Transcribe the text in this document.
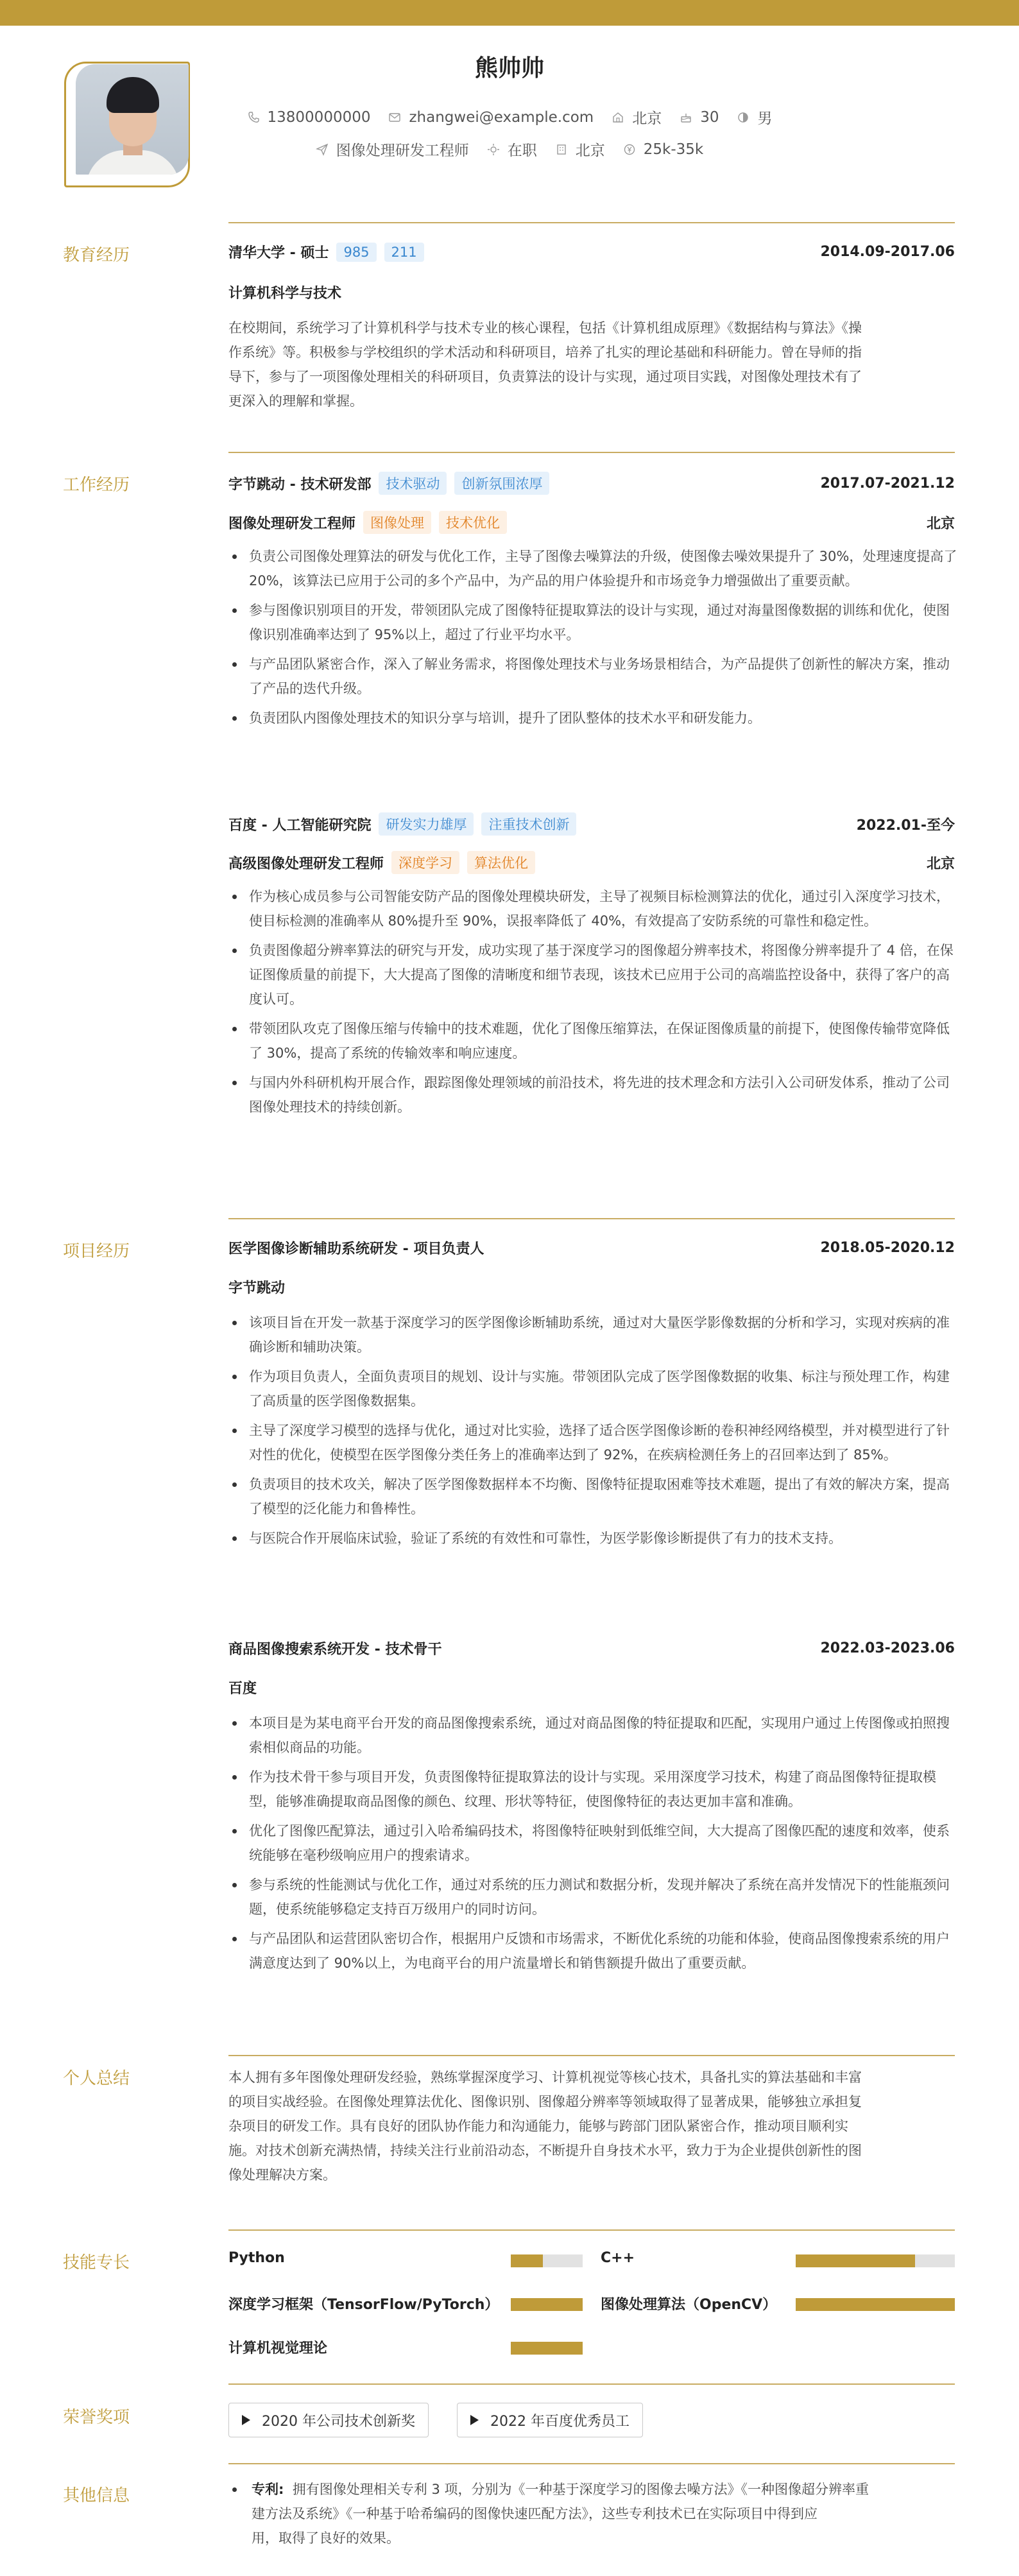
熊帅帅
13800000000	zhangwei@example.com	北京	30	男
图像处理研发工程师	在职	北京	25k-35k
教育经历	清华大学 - 硕士	985	211	2014.09-2017.06
计算机科学与技术
在校期间，系统学习了计算机科学与技术专业的核心课程，包括《计算机组成原理》《数据结构与算法》《操
作系统》等。积极参与学校组织的学术活动和科研项目，培养了扎实的理论基础和科研能力。曾在导师的指
导下，参与了一项图像处理相关的科研项目，负责算法的设计与实现，通过项目实践，对图像处理技术有了
更深入的理解和掌握。
工作经历	字节跳动 - 技术研发部	技术驱动	创新氛围浓厚	2017.07-2021.12
图像处理研发工程师	图像处理	技术优化	北京
负责公司图像处理算法的研发与优化工作，主导了图像去噪算法的升级，使图像去噪效果提升了 30%，处理速度提高了 20%，该算法已应用于公司的多个产品中，为产品的用户体验提升和市场竞争力增强做出了重要贡献。
参与图像识别项目的开发，带领团队完成了图像特征提取算法的设计与实现，通过对海量图像数据的训练和优化，使图像识别准确率达到了 95%以上，超过了行业平均水平。
与产品团队紧密合作，深入了解业务需求，将图像处理技术与业务场景相结合，为产品提供了创新性的解决方案，推动了产品的迭代升级。
负责团队内图像处理技术的知识分享与培训，提升了团队整体的技术水平和研发能力。
百度 - 人工智能研究院	研发实力雄厚	注重技术创新	2022.01-至今
高级图像处理研发工程师	深度学习	算法优化	北京
作为核心成员参与公司智能安防产品的图像处理模块研发，主导了视频目标检测算法的优化，通过引入深度学习技术，使目标检测的准确率从 80%提升至 90%，误报率降低了 40%，有效提高了安防系统的可靠性和稳定性。
负责图像超分辨率算法的研究与开发，成功实现了基于深度学习的图像超分辨率技术，将图像分辨率提升了 4 倍，在保证图像质量的前提下，大大提高了图像的清晰度和细节表现，该技术已应用于公司的高端监控设备中，获得了客户的高度认可。
带领团队攻克了图像压缩与传输中的技术难题，优化了图像压缩算法，在保证图像质量的前提下，使图像传输带宽降低了 30%，提高了系统的传输效率和响应速度。
与国内外科研机构开展合作，跟踪图像处理领域的前沿技术，将先进的技术理念和方法引入公司研发体系，推动了公司图像处理技术的持续创新。
项目经历	医学图像诊断辅助系统研发 - 项目负责人	2018.05-2020.12
字节跳动
该项目旨在开发一款基于深度学习的医学图像诊断辅助系统，通过对大量医学影像数据的分析和学习，实现对疾病的准确诊断和辅助决策。
作为项目负责人，全面负责项目的规划、设计与实施。带领团队完成了医学图像数据的收集、标注与预处理工作，构建了高质量的医学图像数据集。
主导了深度学习模型的选择与优化，通过对比实验，选择了适合医学图像诊断的卷积神经网络模型，并对模型进行了针对性的优化，使模型在医学图像分类任务上的准确率达到了 92%，在疾病检测任务上的召回率达到了 85%。
负责项目的技术攻关，解决了医学图像数据样本不均衡、图像特征提取困难等技术难题，提出了有效的解决方案，提高了模型的泛化能力和鲁棒性。
与医院合作开展临床试验，验证了系统的有效性和可靠性，为医学影像诊断提供了有力的技术支持。
商品图像搜索系统开发 - 技术骨干	2022.03-2023.06
百度
本项目是为某电商平台开发的商品图像搜索系统，通过对商品图像的特征提取和匹配，实现用户通过上传图像或拍照搜索相似商品的功能。
作为技术骨干参与项目开发，负责图像特征提取算法的设计与实现。采用深度学习技术，构建了商品图像特征提取模型，能够准确提取商品图像的颜色、纹理、形状等特征，使图像特征的表达更加丰富和准确。
优化了图像匹配算法，通过引入哈希编码技术，将图像特征映射到低维空间，大大提高了图像匹配的速度和效率，使系统能够在毫秒级响应用户的搜索请求。
参与系统的性能测试与优化工作，通过对系统的压力测试和数据分析，发现并解决了系统在高并发情况下的性能瓶颈问题，使系统能够稳定支持百万级用户的同时访问。
与产品团队和运营团队密切合作，根据用户反馈和市场需求，不断优化系统的功能和体验，使商品图像搜索系统的用户满意度达到了 90%以上，为电商平台的用户流量增长和销售额提升做出了重要贡献。
个人总结	本人拥有多年图像处理研发经验，熟练掌握深度学习、计算机视觉等核心技术，具备扎实的算法基础和丰富
的项目实战经验。在图像处理算法优化、图像识别、图像超分辨率等领域取得了显著成果，能够独立承担复
杂项目的研发工作。具有良好的团队协作能力和沟通能力，能够与跨部门团队紧密合作，推动项目顺利实
施。对技术创新充满热情，持续关注行业前沿动态，不断提升自身技术水平，致力于为企业提供创新性的图
像处理解决方案。
技能专长	Python	C++
深度学习框架（TensorFlow/PyTorch）	图像处理算法（OpenCV）
计算机视觉理论
荣誉奖项	2020 年公司技术创新奖	2022 年百度优秀员工
其他信息	专利: 拥有图像处理相关专利 3 项，分别为《一种基于深度学习的图像去噪方法》《一种图像超分辨率重
建方法及系统》《一种基于哈希编码的图像快速匹配方法》，这些专利技术已在实际项目中得到应
用，取得了良好的效果。
